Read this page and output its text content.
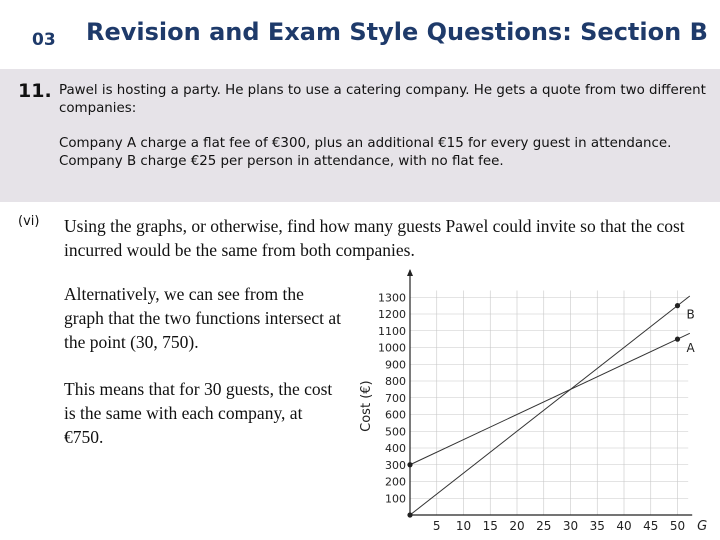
03 Revision and Exam Style Questions: Section B
11. Pawel is hosting a party. He plans to use a catering company. He gets a quote from two different companies:
Company A charge a flat fee of €300, plus an additional €15 for every guest in attendance.
Company B charge €25 per person in attendance, with no flat fee.
(vi) Using the graphs, or otherwise, find how many guests Pawel could invite so that the cost incurred would be the same from both companies.
Alternatively, we can see from the graph that the two functions intersect at the point (30, 750).
This means that for 30 guests, the cost is the same with each company, at €750.
5 10 15 20 25 30 35 40 45 50
100
200
300
400
500
600
700
800
900
1000
1100
1200
1300
A
B
Cost (€)
G
